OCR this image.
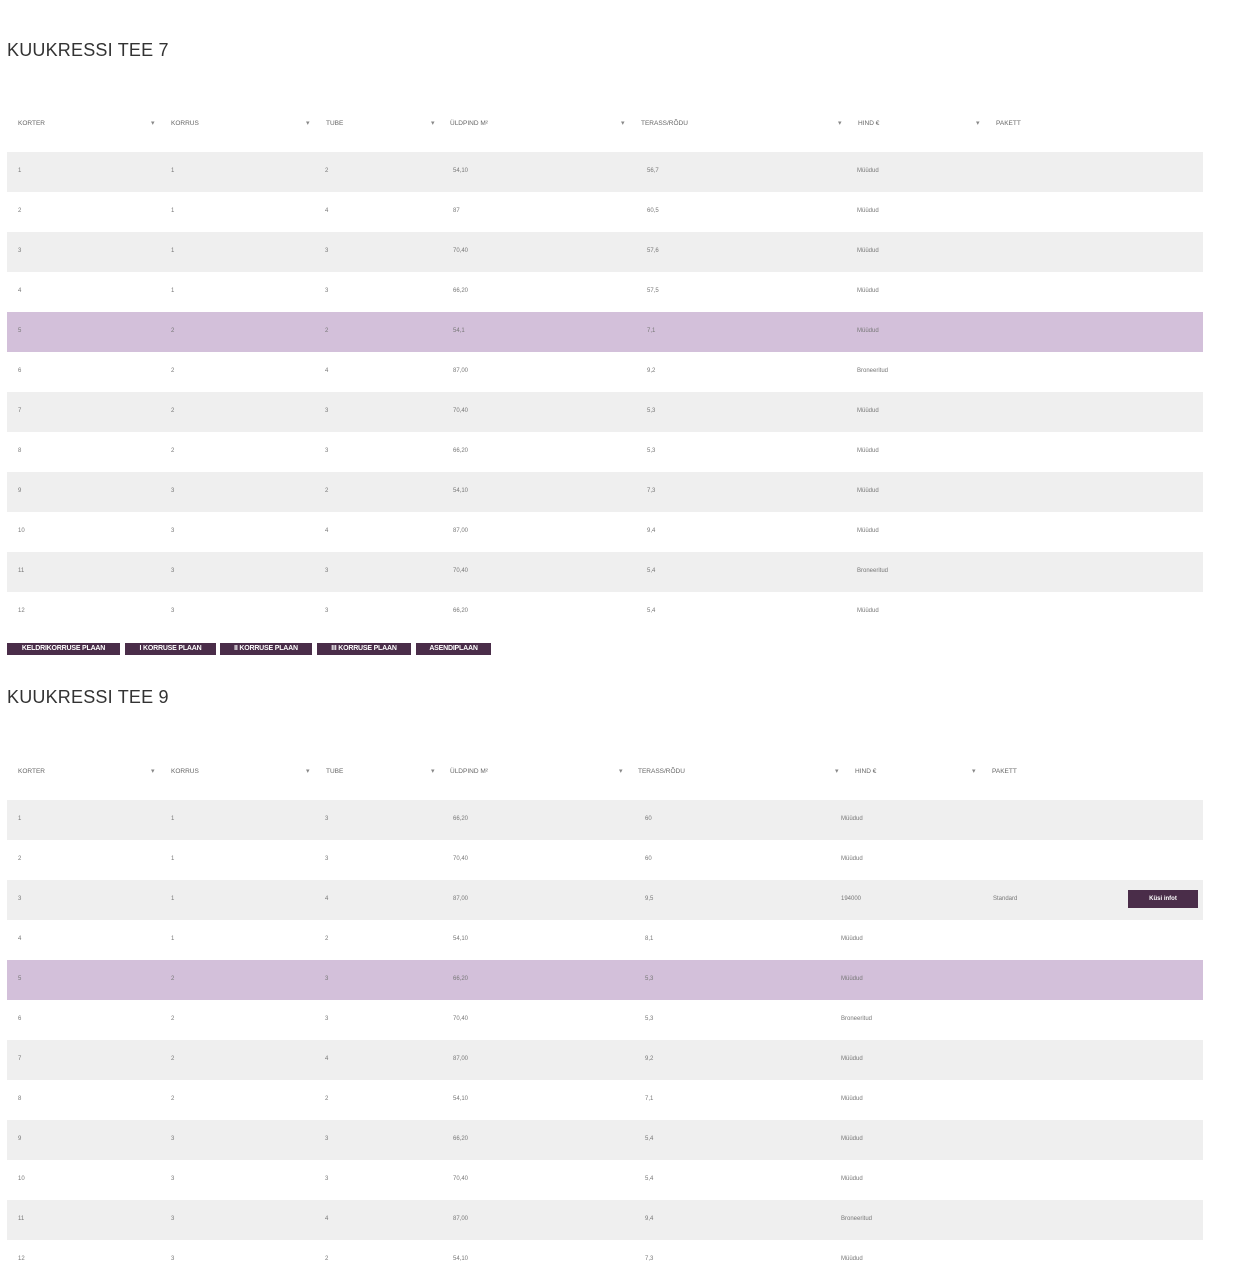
KUUKRESSI TEE 7
KORTER	▾	KORRUS	▾	TUBE	▾ ÜLDPIND M²	▾	TERASS/RÕDU	▾	HIND €	▾	PAKETT
1	1	2	54,10	56,7	Müüdud
2	1	4	87	60,5	Müüdud
3	1	3	70,40	57,6	Müüdud
4	1	3	66,20	57,5	Müüdud
5	2	2	54,1	7,1	Müüdud
6	2	4	87,00	9,2	Broneeritud
7	2	3	70,40	5,3	Müüdud
8	2	3	66,20	5,3	Müüdud
9	3	2	54,10	7,3	Müüdud
10	3	4	87,00	9,4	Müüdud
11	3	3	70,40	5,4	Broneeritud
12	3	3	66,20	5,4	Müüdud
KELDRIKORRUSE PLAAN	I KORRUSE PLAAN	II KORRUSE PLAAN	III KORRUSE PLAAN	ASENDIPLAAN
KUUKRESSI TEE 9
KORTER	▾	KORRUS	▾	TUBE	▾ ÜLDPIND M²	▾ TERASS/RÕDU	▾	HIND €	▾	PAKETT
1	1	3	66,20	60	Müüdud
2	1	3	70,40	60	Müüdud
3	1	4	87,00	9,5	194000	Standard	Küsi infot
4	1	2	54,10	8,1	Müüdud
5	2	3	66,20	5,3	Müüdud
6	2	3	70,40	5,3	Broneeritud
7	2	4	87,00	9,2	Müüdud
8	2	2	54,10	7,1	Müüdud
9	3	3	66,20	5,4	Müüdud
10	3	3	70,40	5,4	Müüdud
11	3	4	87,00	9,4	Broneeritud
12	3	2	54,10	7,3	Müüdud
